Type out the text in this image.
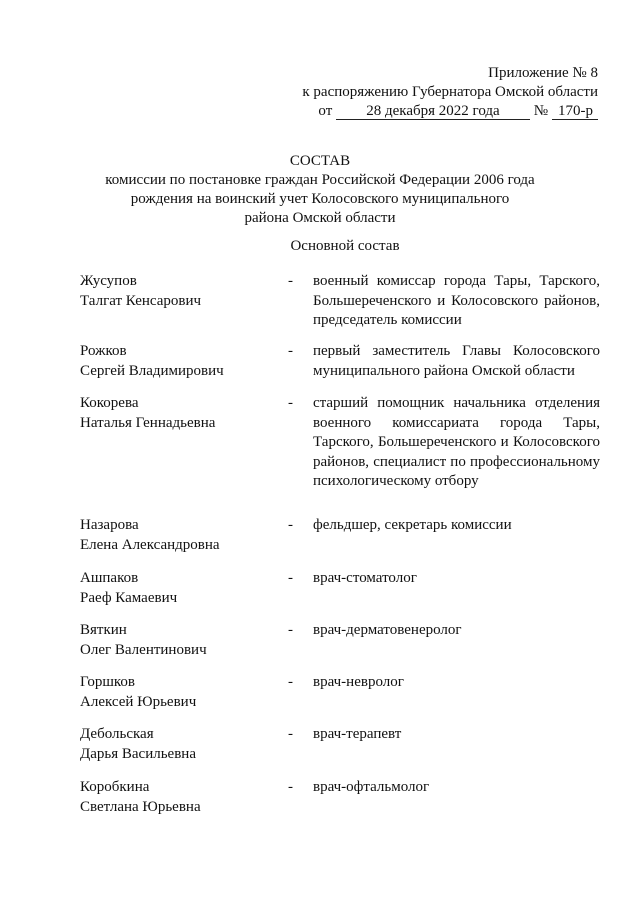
Приложение № 8
к распоряжению Губернатора Омской области
от	28 декабря 2022 года	№ 170-р
СОСТАВ
комиссии по постановке граждан Российской Федерации 2006 года
рождения на воинский учет Колосовского муниципального
района Омской области
Основной состав
Жусупов
Талгат Кенсарович
- военный комиссар города Тары, Тарского, Большереченского и Колосовского районов, председатель комиссии
Рожков
Сергей Владимирович
- первый заместитель Главы Колосовского муниципального района Омской области
Кокорева
Наталья Геннадьевна
- старший помощник начальника отделения военного комиссариата города Тары, Тарского, Большереченского и Колосовского районов, специалист по профессиональному психологическому отбору
Назарова
Елена Александровна
- фельдшер, секретарь комиссии
Ашпаков
Раеф Камаевич
- врач-стоматолог
Вяткин
Олег Валентинович
- врач-дерматовенеролог
Горшков
Алексей Юрьевич
- врач-невролог
Дебольская
Дарья Васильевна
- врач-терапевт
Коробкина
Светлана Юрьевна
- врач-офтальмолог
